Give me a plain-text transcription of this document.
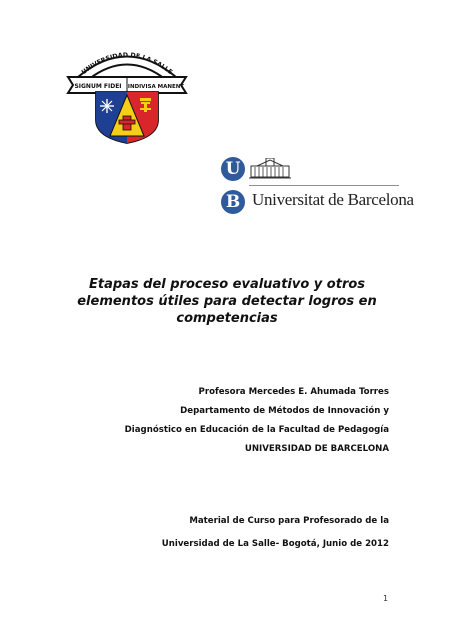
UNIVERSIDAD DE LA SALLE
SIGNUM FIDEI INDIVISA MANENT
U
B Universitat de Barcelona
Etapas del proceso evaluativo y otros
elementos útiles para detectar logros en
competencias
Profesora Mercedes E. Ahumada Torres
Departamento de Métodos de Innovación y
Diagnóstico en Educación de la Facultad de Pedagogía
UNIVERSIDAD DE BARCELONA
Material de Curso para Profesorado de la
Universidad de La Salle- Bogotá, Junio de 2012
1
